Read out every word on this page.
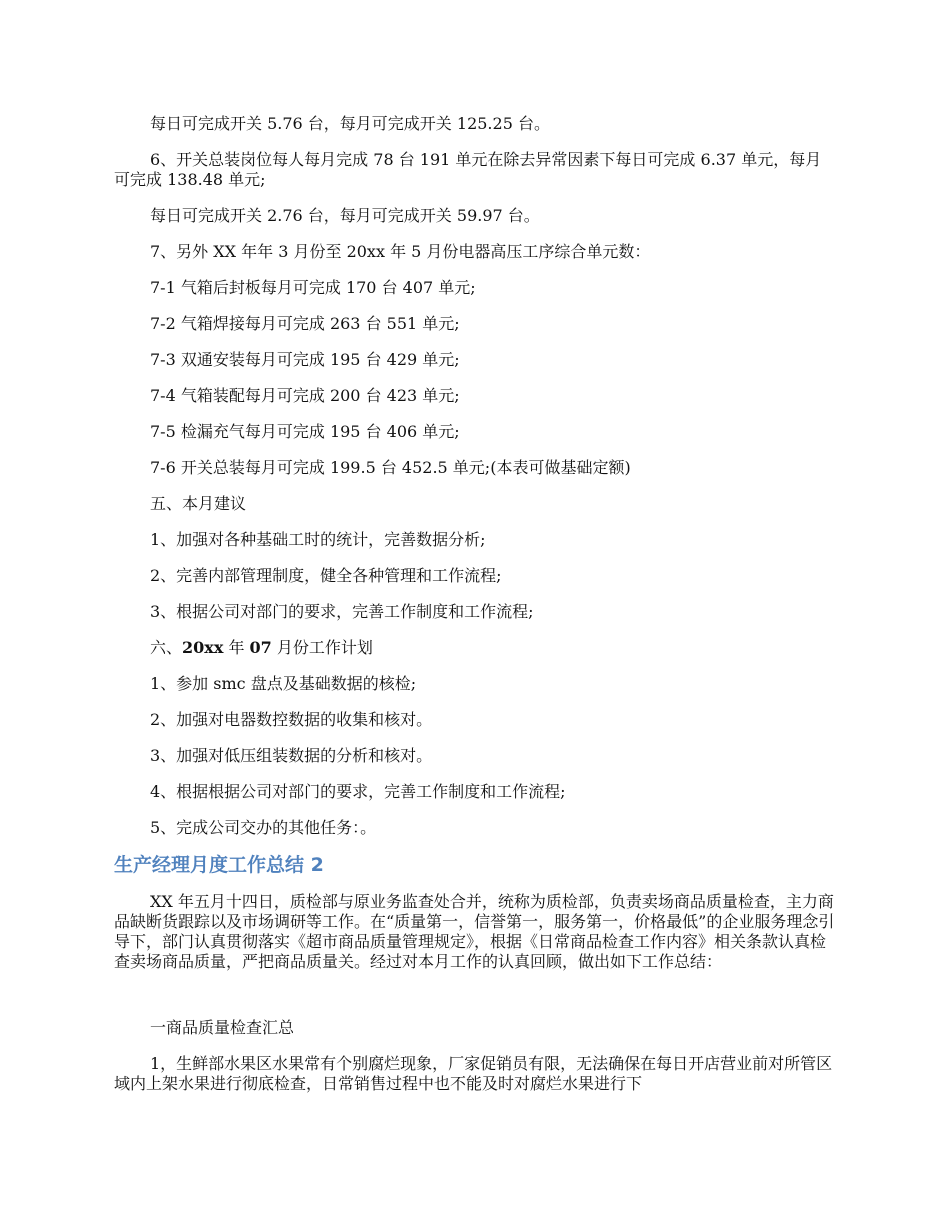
每日可完成开关 5.76 台，每月可完成开关 125.25 台。

6、开关总装岗位每人每月完成 78 台 191 单元在除去异常因素下每日可完成 6.37 单元，每月可完成 138.48 单元;

每日可完成开关 2.76 台，每月可完成开关 59.97 台。

7、另外 XX 年年 3 月份至 20xx 年 5 月份电器高压工序综合单元数：

7-1 气箱后封板每月可完成 170 台 407 单元;

7-2 气箱焊接每月可完成 263 台 551 单元;

7-3 双通安装每月可完成 195 台 429 单元;

7-4 气箱装配每月可完成 200 台 423 单元;

7-5 检漏充气每月可完成 195 台 406 单元;

7-6 开关总装每月可完成 199.5 台 452.5 单元;(本表可做基础定额)

五、本月建议

1、加强对各种基础工时的统计，完善数据分析;

2、完善内部管理制度，健全各种管理和工作流程;

3、根据公司对部门的要求，完善工作制度和工作流程;

六、20xx 年 07 月份工作计划

1、参加 smc 盘点及基础数据的核检;

2、加强对电器数控数据的收集和核对。

3、加强对低压组装数据的分析和核对。

4、根据根据公司对部门的要求，完善工作制度和工作流程;

5、完成公司交办的其他任务：。

生产经理月度工作总结 2

XX 年五月十四日，质检部与原业务监查处合并，统称为质检部，负责卖场商品质量检查，主力商品缺断货跟踪以及市场调研等工作。在“质量第一，信誉第一，服务第一，价格最低”的企业服务理念引导下，部门认真贯彻落实《超市商品质量管理规定》，根据《日常商品检查工作内容》相关条款认真检查卖场商品质量，严把商品质量关。经过对本月工作的认真回顾，做出如下工作总结：

一商品质量检查汇总

1，生鲜部水果区水果常有个别腐烂现象，厂家促销员有限，无法确保在每日开店营业前对所管区域内上架水果进行彻底检查，日常销售过程中也不能及时对腐烂水果进行下
